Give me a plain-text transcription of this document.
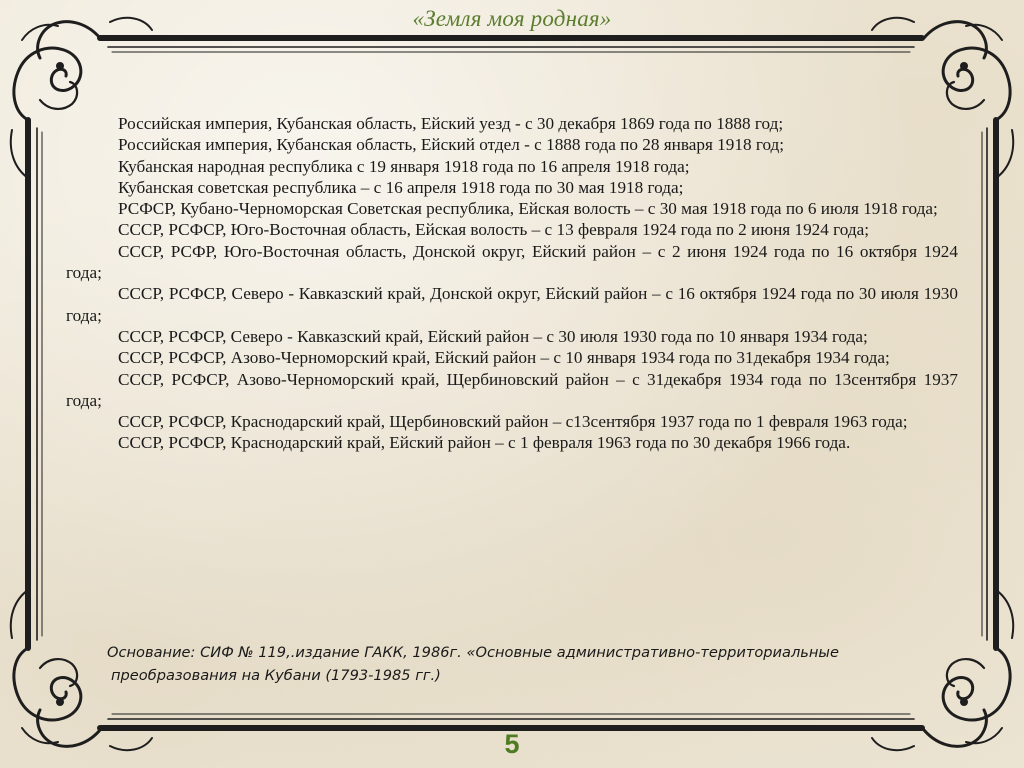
«Земля моя родная»

Российская империя, Кубанская область, Ейский уезд - с 30 декабря 1869 года по 1888 год;

Российская империя, Кубанская область, Ейский отдел - с 1888 года по 28 января 1918 год;

Кубанская народная республика с 19 января 1918 года по 16 апреля 1918 года;

Кубанская советская республика – с 16 апреля 1918 года по 30 мая 1918 года;

РСФСР, Кубано-Черноморская Советская республика, Ейская волость – с 30 мая 1918 года по 6 июля 1918 года;

СССР, РСФСР, Юго-Восточная область, Ейская волость – с 13 февраля 1924 года по 2 июня 1924 года;

СССР, РСФР, Юго-Восточная область, Донской округ, Ейский район – с 2 июня 1924 года по 16 октября 1924 года;

СССР, РСФСР, Северо - Кавказский край, Донской округ, Ейский район – с 16 октября 1924 года по 30 июля 1930 года;

СССР, РСФСР, Северо - Кавказский край, Ейский район – с 30 июля 1930 года по 10 января 1934 года;

СССР, РСФСР, Азово-Черноморский край, Ейский район – с 10 января 1934 года по 31декабря 1934 года;

СССР, РСФСР, Азово-Черноморский край, Щербиновский район – с 31декабря 1934 года по 13сентября 1937 года;

СССР, РСФСР, Краснодарский край, Щербиновский район – с13сентября 1937 года по 1 февраля 1963 года;

СССР, РСФСР, Краснодарский край, Ейский район – с 1 февраля 1963 года по 30 декабря 1966 года.

Основание: СИФ № 119,.издание ГАКК, 1986г. «Основные административно-территориальные
преобразования на Кубани (1793-1985 гг.)
5
